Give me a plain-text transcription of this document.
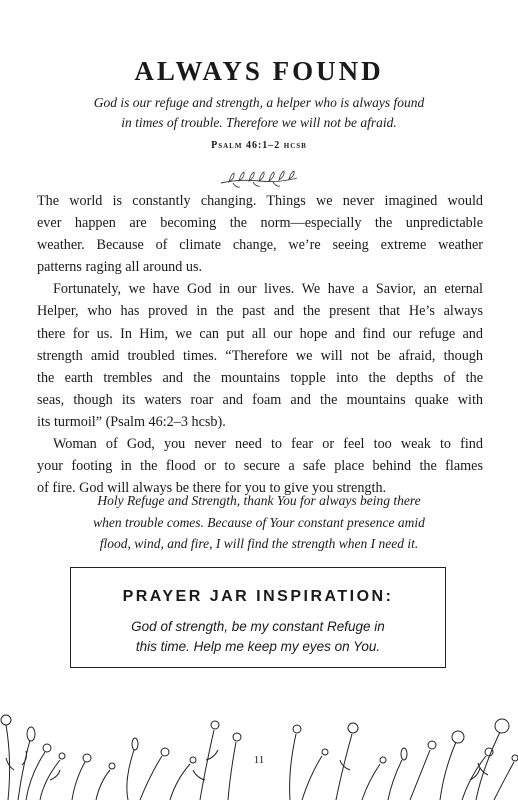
ALWAYS FOUND
God is our refuge and strength, a helper who is always found
in times of trouble. Therefore we will not be afraid.
Psalm 46:1–2 hcsb
The world is constantly changing. Things we never imagined would
ever happen are becoming the norm—especially the unpredictable
weather. Because of climate change, we’re seeing extreme weather
patterns raging all around us.
Fortunately, we have God in our lives. We have a Savior, an eternal
Helper, who has proved in the past and the present that He’s always
there for us. In Him, we can put all our hope and find our refuge and
strength amid troubled times. “Therefore we will not be afraid, though
the earth trembles and the mountains topple into the depths of the
seas, though its waters roar and foam and the mountains quake with
its turmoil” (Psalm 46:2–3 hcsb).
Woman of God, you never need to fear or feel too weak to find
your footing in the flood or to secure a safe place behind the flames
of fire. God will always be there for you to give you strength.
Holy Refuge and Strength, thank You for always being there
when trouble comes. Because of Your constant presence amid
flood, wind, and fire, I will find the strength when I need it.
PRAYER JAR INSPIRATION:
God of strength, be my constant Refuge in
this time. Help me keep my eyes on You.
11
